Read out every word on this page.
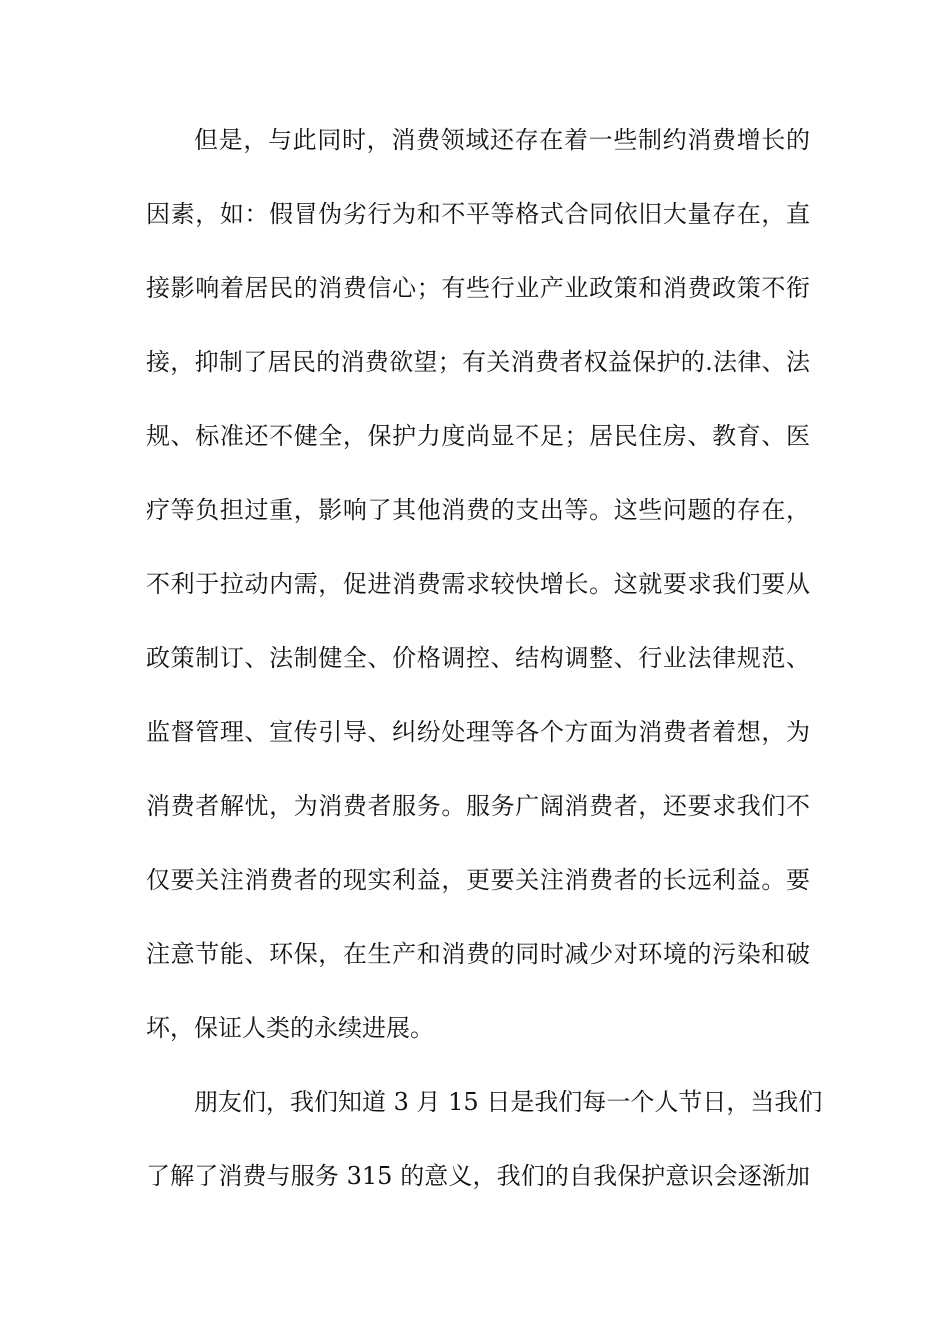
但是，与此同时，消费领域还存在着一些制约消费增长的
因素，如：假冒伪劣行为和不平等格式合同依旧大量存在，直
接影响着居民的消费信心；有些行业产业政策和消费政策不衔
接，抑制了居民的消费欲望；有关消费者权益保护的.法律、法
规、标准还不健全，保护力度尚显不足；居民住房、教育、医
疗等负担过重，影响了其他消费的支出等。这些问题的存在，
不利于拉动内需，促进消费需求较快增长。这就要求我们要从
政策制订、法制健全、价格调控、结构调整、行业法律规范、
监督管理、宣传引导、纠纷处理等各个方面为消费者着想，为
消费者解忧，为消费者服务。服务广阔消费者，还要求我们不
仅要关注消费者的现实利益，更要关注消费者的长远利益。要
注意节能、环保，在生产和消费的同时减少对环境的污染和破
坏，保证人类的永续进展。
朋友们，我们知道 3 月 15 日是我们每一个人节日，当我们
了解了消费与服务 315 的意义，我们的自我保护意识会逐渐加
